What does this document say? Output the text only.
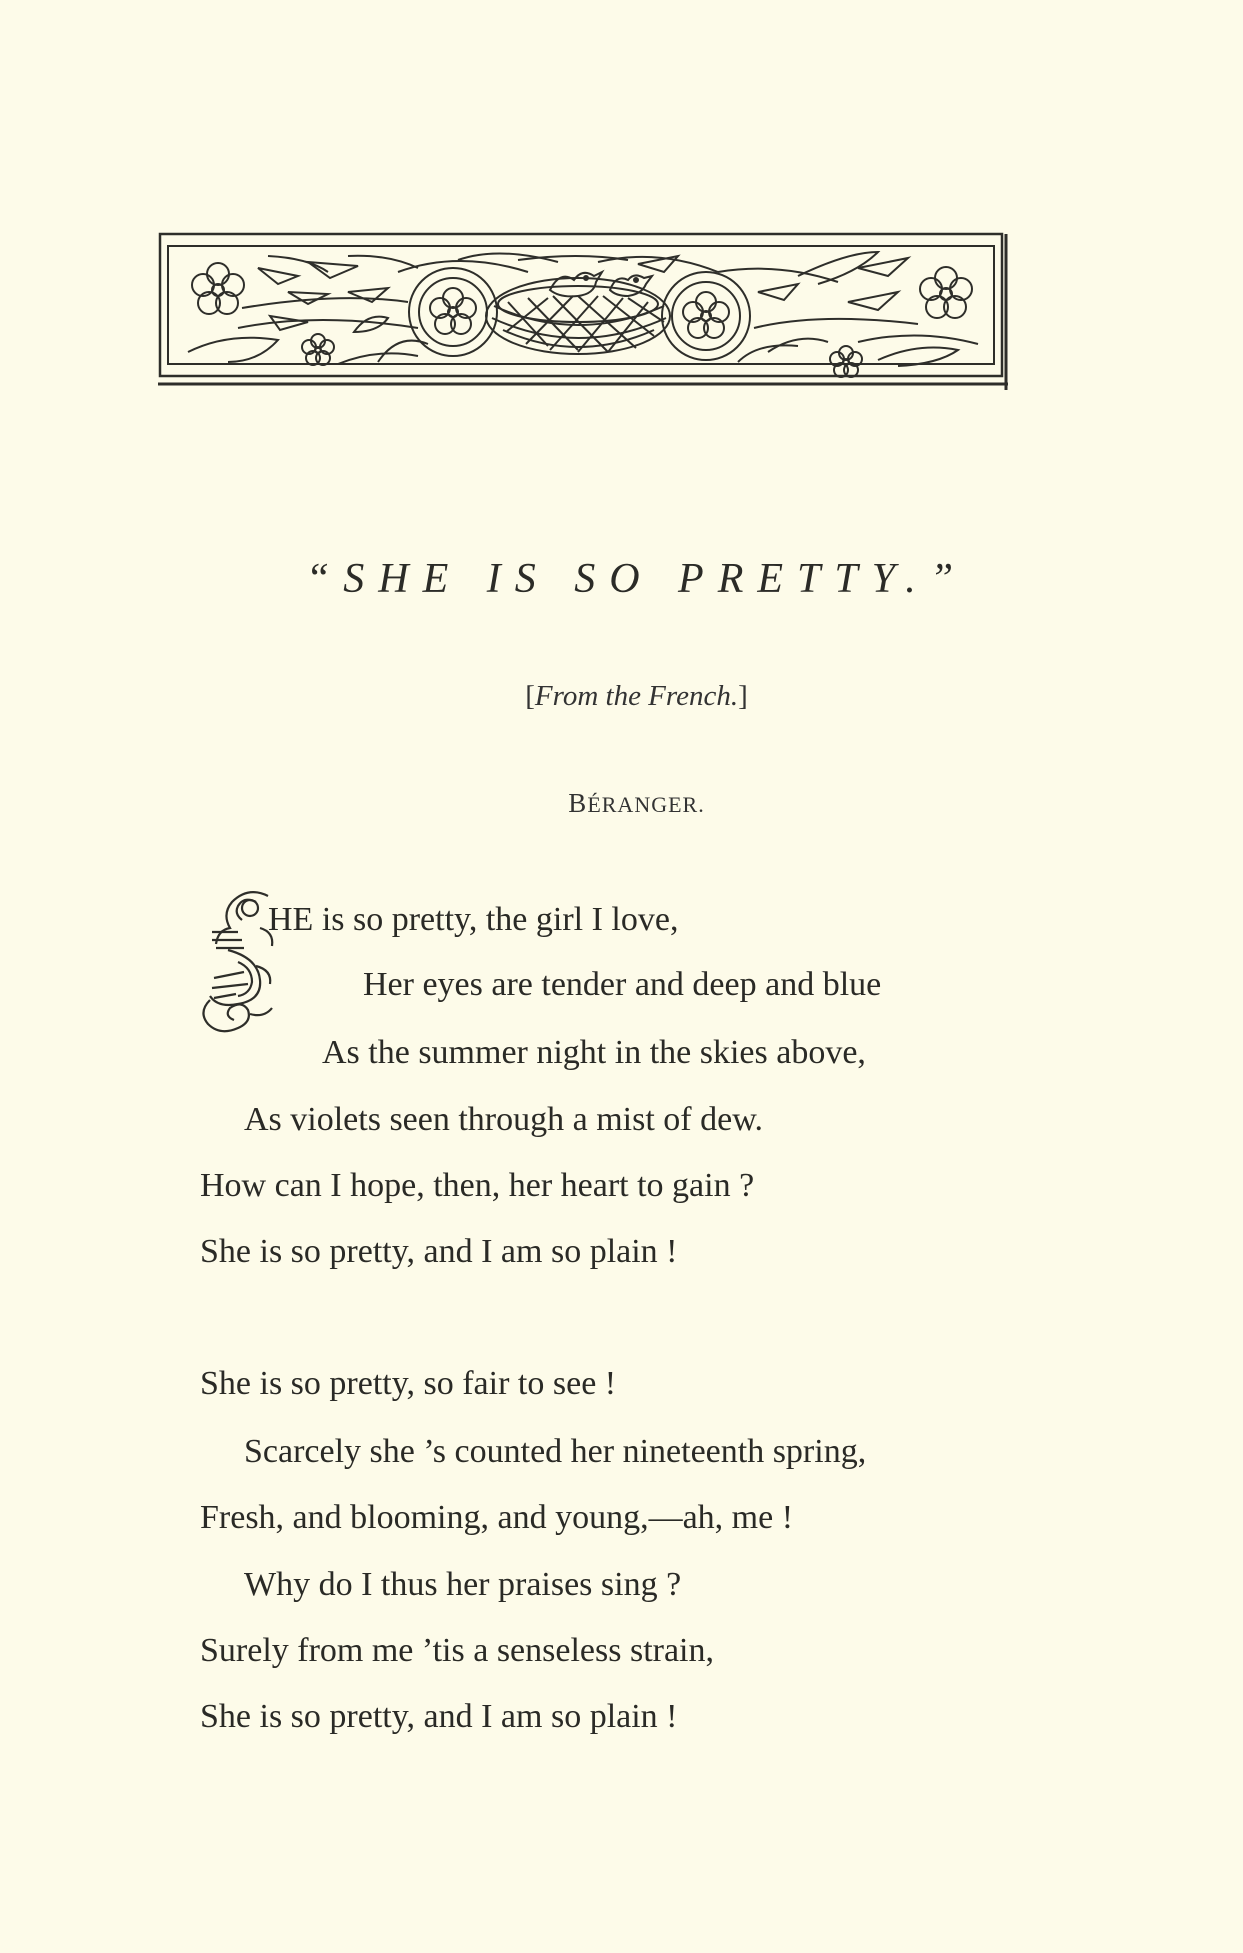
“SHE IS SO PRETTY.”
[From the French.]
BÉRANGER.
HE is so pretty, the girl I love,
Her eyes are tender and deep and blue
As the summer night in the skies above,
As violets seen through a mist of dew.
How can I hope, then, her heart to gain ?
She is so pretty, and I am so plain !
She is so pretty, so fair to see !
Scarcely she ’s counted her nineteenth spring,
Fresh, and blooming, and young,—ah, me !
Why do I thus her praises sing ?
Surely from me ’tis a senseless strain,
She is so pretty, and I am so plain !
